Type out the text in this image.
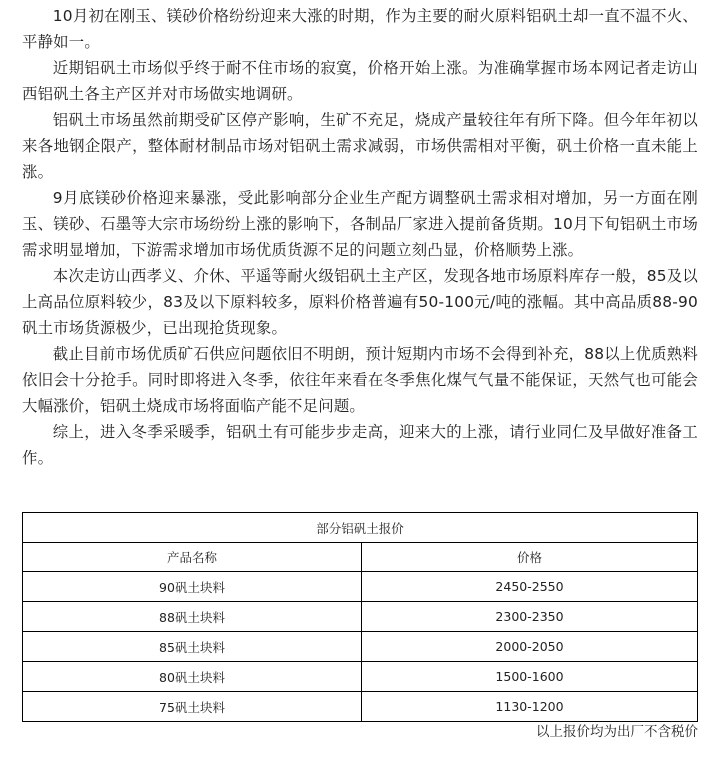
10月初在刚玉、镁砂价格纷纷迎来大涨的时期，作为主要的耐火原料铝矾土却一直不温不火、平静如一。

近期铝矾土市场似乎终于耐不住市场的寂寞，价格开始上涨。为准确掌握市场本网记者走访山西铝矾土各主产区并对市场做实地调研。

铝矾土市场虽然前期受矿区停产影响，生矿不充足，烧成产量较往年有所下降。但今年年初以来各地钢企限产，整体耐材制品市场对铝矾土需求减弱，市场供需相对平衡，矾土价格一直未能上涨。

9月底镁砂价格迎来暴涨，受此影响部分企业生产配方调整矾土需求相对增加，另一方面在刚玉、镁砂、石墨等大宗市场纷纷上涨的影响下，各制品厂家进入提前备货期。10月下旬铝矾土市场需求明显增加，下游需求增加市场优质货源不足的问题立刻凸显，价格顺势上涨。

本次走访山西孝义、介休、平遥等耐火级铝矾土主产区，发现各地市场原料库存一般，85及以上高品位原料较少，83及以下原料较多，原料价格普遍有50-100元/吨的涨幅。其中高品质88-90矾土市场货源极少，已出现抢货现象。

截止目前市场优质矿石供应问题依旧不明朗，预计短期内市场不会得到补充，88以上优质熟料依旧会十分抢手。同时即将进入冬季，依往年来看在冬季焦化煤气气量不能保证，天然气也可能会大幅涨价，铝矾土烧成市场将面临产能不足问题。

综上，进入冬季采暖季，铝矾土有可能步步走高，迎来大的上涨，请行业同仁及早做好准备工作。

部分铝矾土报价	
产品名称	价格
90矾土块料	2450-2550
88矾土块料	2300-2350
85矾土块料	2000-2050
80矾土块料	1500-1600
75矾土块料	1130-1200
以上报价均为出厂不含税价
